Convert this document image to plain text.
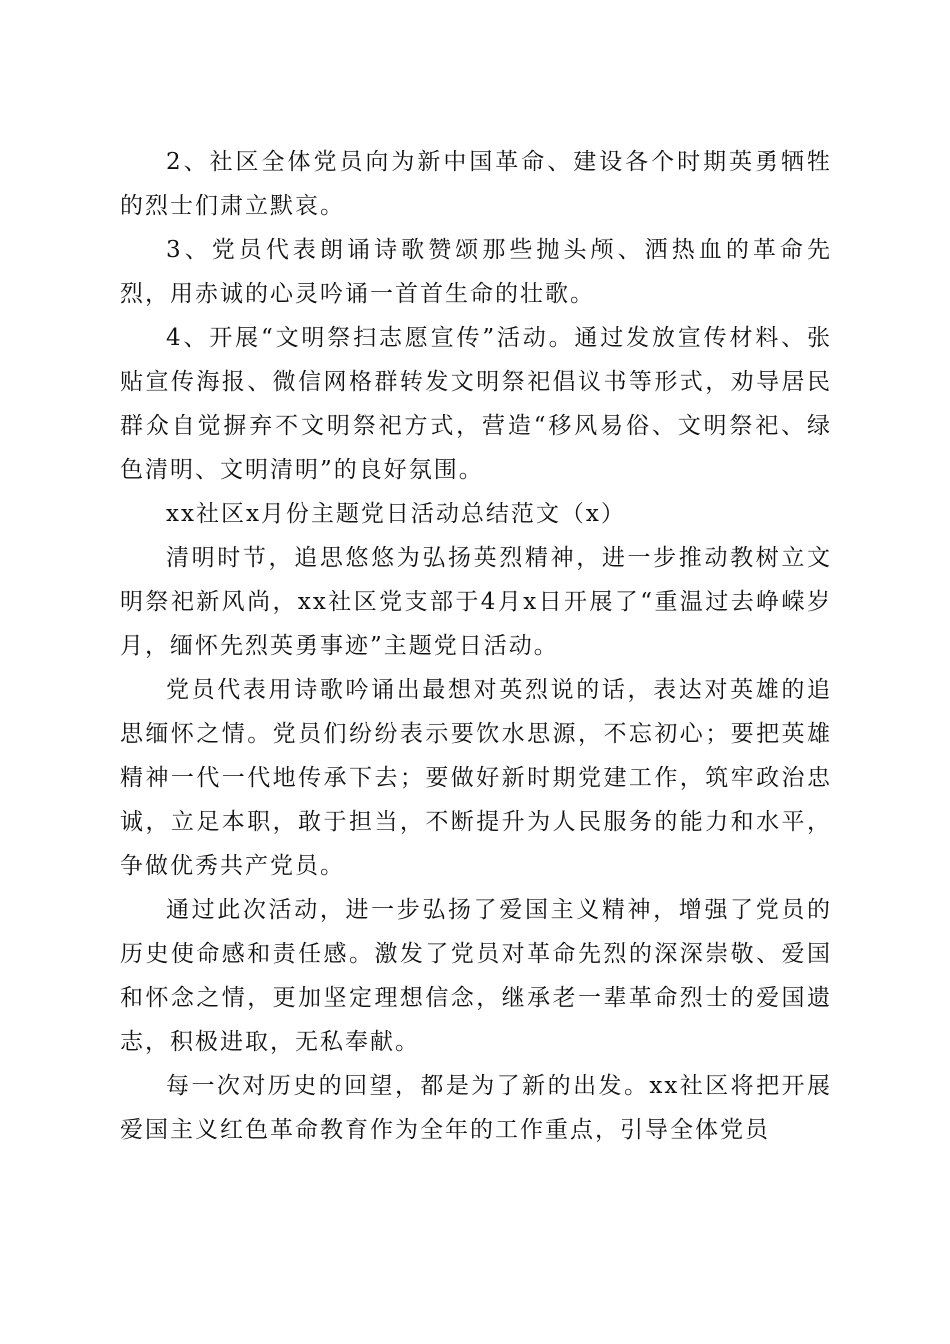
2、社区全体党员向为新中国革命、建设各个时期英勇牺牲的烈士们肃立默哀。

3、党员代表朗诵诗歌赞颂那些抛头颅、洒热血的革命先烈，用赤诚的心灵吟诵一首首生命的壮歌。

4、开展“文明祭扫志愿宣传”活动。通过发放宣传材料、张贴宣传海报、微信网格群转发文明祭祀倡议书等形式，劝导居民群众自觉摒弃不文明祭祀方式，营造“移风易俗、文明祭祀、绿色清明、文明清明”的良好氛围。

xx社区x月份主题党日活动总结范文（x）

清明时节，追思悠悠为弘扬英烈精神，进一步推动教树立文明祭祀新风尚，xx社区党支部于4月x日开展了“重温过去峥嵘岁月，缅怀先烈英勇事迹”主题党日活动。

党员代表用诗歌吟诵出最想对英烈说的话，表达对英雄的追思缅怀之情。党员们纷纷表示要饮水思源，不忘初心；要把英雄精神一代一代地传承下去；要做好新时期党建工作，筑牢政治忠诚，立足本职，敢于担当，不断提升为人民服务的能力和水平，争做优秀共产党员。

通过此次活动，进一步弘扬了爱国主义精神，增强了党员的历史使命感和责任感。激发了党员对革命先烈的深深崇敬、爱国和怀念之情，更加坚定理想信念，继承老一辈革命烈士的爱国遗志，积极进取，无私奉献。

每一次对历史的回望，都是为了新的出发。xx社区将把开展爱国主义红色革命教育作为全年的工作重点，引导全体党员
